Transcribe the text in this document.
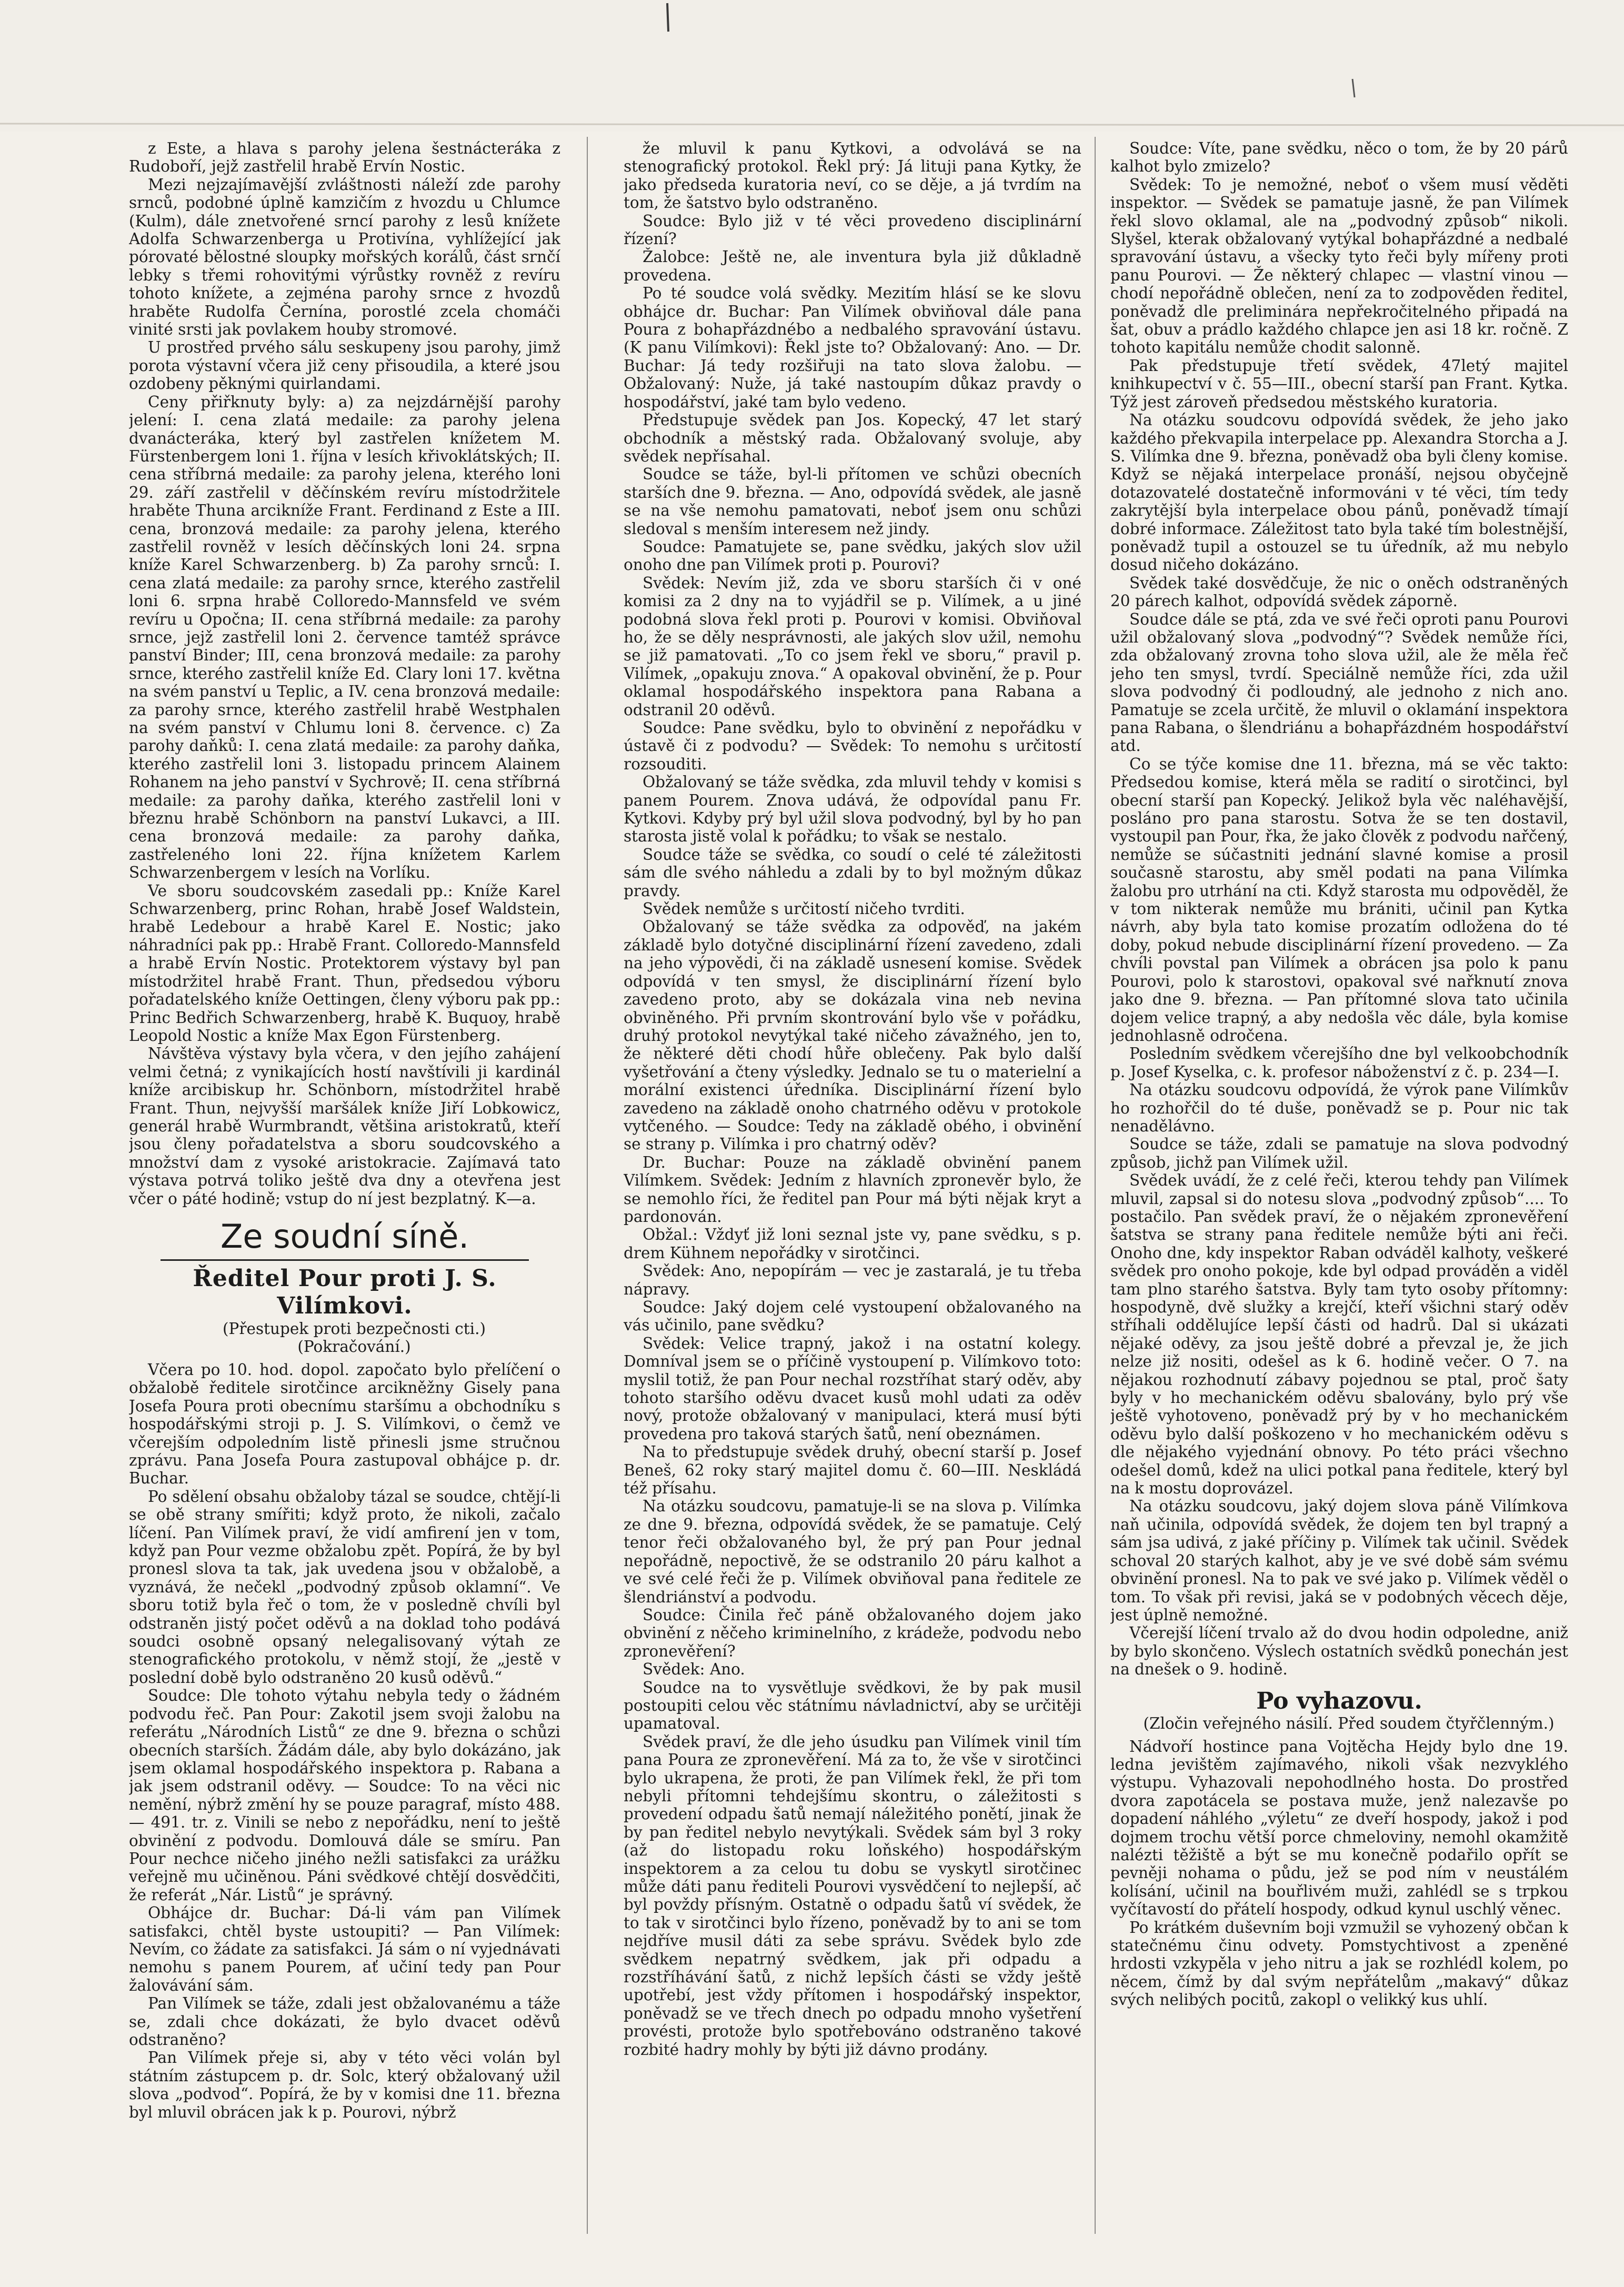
z Este, a hlava s parohy jelena šestnácteráka z Rudoboří, jejž zastřelil hrabě Ervín Nostic.

Mezi nejzajímavější zvláštnosti náleží zde parohy srnců, podobné úplně kamzičím z hvozdu u Chlumce (Kulm), dále znetvořené srncí parohy z lesů knížete Adolfa Schwarzenberga u Protivína, vyhlížející jak pórovaté bělostné sloupky mořských korálů, část srnčí lebky s třemi rohovitými výrůstky rovněž z revíru tohoto knížete, a zejména parohy srnce z hvozdů hraběte Rudolfa Černína, porostlé zcela chomáči vinité srsti jak povlakem houby stromové.

U prostřed prvého sálu seskupeny jsou parohy, jimž porota výstavní včera již ceny přisoudila, a které jsou ozdobeny pěknými quirlandami.

Ceny přiřknuty byly: a) za nejzdárnější parohy jelení: I. cena zlatá medaile: za parohy jelena dvanácteráka, který byl zastřelen knížetem M. Fürstenbergem loni 1. října v lesích křivoklátských; II. cena stříbrná medaile: za parohy jelena, kterého loni 29. září zastřelil v děčínském revíru místodržitele hraběte Thuna arcikníže Frant. Ferdinand z Este a III. cena, bronzová medaile: za parohy jelena, kterého zastřelil rovněž v lesích děčínských loni 24. srpna kníže Karel Schwarzenberg. b) Za parohy srnců: I. cena zlatá medaile: za parohy srnce, kterého zastřelil loni 6. srpna hrabě Colloredo-Mannsfeld ve svém revíru u Opočna; II. cena stříbrná medaile: za parohy srnce, jejž zastřelil loni 2. července tamtéž správce panství Binder; III, cena bronzová medaile: za parohy srnce, kterého zastřelil kníže Ed. Clary loni 17. května na svém panství u Teplic, a IV. cena bronzová medaile: za parohy srnce, kterého zastřelil hrabě Westphalen na svém panství v Chlumu loni 8. července. c) Za parohy daňků: I. cena zlatá medaile: za parohy daňka, kterého zastřelil loni 3. listopadu princem Alainem Rohanem na jeho panství v Sychrově; II. cena stříbrná medaile: za parohy daňka, kterého zastřelil loni v březnu hrabě Schönborn na panství Lukavci, a III. cena bronzová medaile: za parohy daňka, zastřeleného loni 22. října knížetem Karlem Schwarzenbergem v lesích na Vorlíku.

Ve sboru soudcovském zasedali pp.: Kníže Karel Schwarzenberg, princ Rohan, hrabě Josef Waldstein, hrabě Ledebour a hrabě Karel E. Nostic; jako náhradníci pak pp.: Hrabě Frant. Colloredo-Mannsfeld a hrabě Ervín Nostic. Protektorem výstavy byl pan místodržitel hrabě Frant. Thun, předsedou výboru pořadatelského kníže Oettingen, členy výboru pak pp.: Princ Bedřich Schwarzenberg, hrabě K. Buquoy, hrabě Leopold Nostic a kníže Max Egon Fürstenberg.

Návštěva výstavy byla včera, v den jejího zahájení velmi četná; z vynikajících hostí navštívili ji kardinál kníže arcibiskup hr. Schönborn, místodržitel hrabě Frant. Thun, nejvyšší maršálek kníže Jiří Lobkowicz, generál hrabě Wurmbrandt, většina aristokratů, kteří jsou členy pořadatelstva a sboru soudcovského a množství dam z vysoké aristokracie. Zajímavá tato výstava potrvá toliko ještě dva dny a otevřena jest včer o páté hodině; vstup do ní jest bezplatný. K—a.

Ze soudní síně.
Ředitel Pour proti J. S. Vilímkovi.

(Přestupek proti bezpečnosti cti.)

(Pokračování.)

Včera po 10. hod. dopol. započato bylo přelíčení o obžalobě ředitele sirotčince arcikněžny Gisely pana Josefa Poura proti obecnímu staršímu a obchodníku s hospodářskými stroji p. J. S. Vilímkovi, o čemž ve včerejším odpoledním listě přinesli jsme stručnou zprávu. Pana Josefa Poura zastupoval obhájce p. dr. Buchar.

Po sdělení obsahu obžaloby tázal se soudce, chtějí-li se obě strany smířiti; když proto, že nikoli, začalo líčení. Pan Vilímek praví, že vidí amfirení jen v tom, když pan Pour vezme obžalobu zpět. Popírá, že by byl pronesl slova ta tak, jak uvedena jsou v obžalobě, a vyznává, že nečekl „podvodný způsob oklamní“. Ve sboru totiž byla řeč o tom, že v posledně chvíli byl odstraněn jistý počet oděvů a na doklad toho podává soudci osobně opsaný nelegalisovaný výtah ze stenografického protokolu, v němž stojí, že „jestě v poslední době bylo odstraněno 20 kusů oděvů.“

Soudce: Dle tohoto výtahu nebyla tedy o žádném podvodu řeč. Pan Pour: Zakotil jsem svoji žalobu na referátu „Národních Listů“ ze dne 9. března o schůzi obecních starších. Žádám dále, aby bylo dokázáno, jak jsem oklamal hospodářského inspektora p. Rabana a jak jsem odstranil oděvy. — Soudce: To na věci nic nemění, nýbrž změní hy se pouze paragraf, místo 488. — 491. tr. z. Vinili se nebo z nepořádku, není to ještě obvinění z podvodu. Domlouvá dále se smíru. Pan Pour nechce ničeho jiného nežli satisfakci za urážku veřejně mu učiněnou. Páni svědkové chtějí dosvědčiti, že referát „Nár. Listů“ je správný.

Obhájce dr. Buchar: Dá-li vám pan Vilímek satisfakci, chtěl byste ustoupiti? — Pan Vilímek: Nevím, co žádate za satisfakci. Já sám o ní vyjednávati nemohu s panem Pourem, ať učiní tedy pan Pour žalovávání sám.

Pan Vilímek se táže, zdali jest obžalovanému a táže se, zdali chce dokázati, že bylo dvacet oděvů odstraněno?

Pan Vilímek přeje si, aby v této věci volán byl státním zástupcem p. dr. Solc, který obžalovaný užil slova „podvod“. Popírá, že by v komisi dne 11. března byl mluvil obrácen jak k p. Pourovi, nýbrž

že mluvil k panu Kytkovi, a odvolává se na stenografický protokol. Řekl prý: Já lituji pana Kytky, že jako předseda kuratoria neví, co se děje, a já tvrdím na tom, že šatstvo bylo odstraněno.

Soudce: Bylo již v té věci provedeno disciplinární řízení?

Žalobce: Ještě ne, ale inventura byla již důkladně provedena.

Po té soudce volá svědky. Mezitím hlásí se ke slovu obhájce dr. Buchar: Pan Vilímek obviňoval dále pana Poura z bohapřázdnébo a nedbalého spravování ústavu. (K panu Vilímkovi): Řekl jste to? Obžalovaný: Ano. — Dr. Buchar: Já tedy rozšiřuji na tato slova žalobu. — Obžalovaný: Nuže, já také nastoupím důkaz pravdy o hospodářství, jaké tam bylo vedeno.

Předstupuje svědek pan Jos. Kopecký, 47 let starý obchodník a městský rada. Obžalovaný svoluje, aby svědek nepřísahal.

Soudce se táže, byl-li přítomen ve schůzi obecních starších dne 9. března. — Ano, odpovídá svědek, ale jasně se na vše nemohu pamatovati, neboť jsem onu schůzi sledoval s menším interesem než jindy.

Soudce: Pamatujete se, pane svědku, jakých slov užil onoho dne pan Vilímek proti p. Pourovi?

Svědek: Nevím již, zda ve sboru starších či v oné komisi za 2 dny na to vyjádřil se p. Vilímek, a u jiné podobná slova řekl proti p. Pourovi v komisi. Obviňoval ho, že se děly nesprávnosti, ale jakých slov užil, nemohu se již pamatovati. „To co jsem řekl ve sboru,“ pravil p. Vilímek, „opakuju znova.“ A opakoval obvinění, že p. Pour oklamal hospodářského inspektora pana Rabana a odstranil 20 oděvů.

Soudce: Pane svědku, bylo to obvinění z nepořádku v ústavě či z podvodu? — Svědek: To nemohu s určitostí rozsouditi.

Obžalovaný se táže svědka, zda mluvil tehdy v komisi s panem Pourem. Znova udává, že odpovídal panu Fr. Kytkovi. Kdyby prý byl užil slova podvodný, byl by ho pan starosta jistě volal k pořádku; to však se nestalo.

Soudce táže se svědka, co soudí o celé té záležitosti sám dle svého náhledu a zdali by to byl možným důkaz pravdy.

Svědek nemůže s určitostí ničeho tvrditi.

Obžalovaný se táže svědka za odpověď, na jakém základě bylo dotyčné disciplinární řízení zavedeno, zdali na jeho výpovědi, či na základě usnesení komise. Svědek odpovídá v ten smysl, že disciplinární řízení bylo zavedeno proto, aby se dokázala vina neb nevina obviněného. Při prvním skontrování bylo vše v pořádku, druhý protokol nevytýkal také ničeho závažného, jen to, že některé děti chodí hůře oblečeny. Pak bylo další vyšetřování a čteny výsledky. Jednalo se tu o materielní a morální existenci úředníka. Disciplinární řízení bylo zavedeno na základě onoho chatrného oděvu v protokole vytčeného. — Soudce: Tedy na základě obého, i obvinění se strany p. Vilímka i pro chatrný oděv?

Dr. Buchar: Pouze na základě obvinění panem Vilímkem. Svědek: Jedním z hlavních zpronevěr bylo, že se nemohlo říci, že ředitel pan Pour má býti nějak kryt a pardonován.

Obžal.: Vždyť již loni seznal jste vy, pane svědku, s p. drem Kühnem nepořádky v sirotčinci.

Svědek: Ano, nepopírám — vec je zastaralá, je tu třeba nápravy.

Soudce: Jaký dojem celé vystoupení obžalovaného na vás učinilo, pane svědku?

Svědek: Velice trapný, jakož i na ostatní kolegy. Domníval jsem se o příčině vystoupení p. Vilímkovo toto: myslil totiž, že pan Pour nechal rozstříhat starý oděv, aby tohoto staršího oděvu dvacet kusů mohl udati za oděv nový, protože obžalovaný v manipulaci, která musí býti provedena pro taková starých šatů, není obeznámen.

Na to předstupuje svědek druhý, obecní starší p. Josef Beneš, 62 roky starý majitel domu č. 60—III. Neskládá též přísahu.

Na otázku soudcovu, pamatuje-li se na slova p. Vilímka ze dne 9. března, odpovídá svědek, že se pamatuje. Celý tenor řeči obžalovaného byl, že prý pan Pour jednal nepořádně, nepoctivě, že se odstranilo 20 páru kalhot a ve své celé řeči že p. Vilímek obviňoval pana ředitele ze šlendriánství a podvodu.

Soudce: Činila řeč páně obžalovaného dojem jako obvinění z něčeho kriminelního, z krádeže, podvodu nebo zpronevěření?

Svědek: Ano.

Soudce na to vysvětluje svědkovi, že by pak musil postoupiti celou věc státnímu návladnictví, aby se určitěji upamatoval.

Svědek praví, že dle jeho úsudku pan Vilímek vinil tím pana Poura ze zpronevěření. Má za to, že vše v sirotčinci bylo ukrapena, že proti, že pan Vilímek řekl, že při tom nebyli přítomni tehdejšímu skontru, o záležitosti s provedení odpadu šatů nemají náležitého ponětí, jinak že by pan ředitel nebylo nevytýkali. Svědek sám byl 3 roky (až do listopadu roku loňského) hospodářským inspektorem a za celou tu dobu se vyskytl sirotčinec může dáti panu řediteli Pourovi vysvědčení to nejlepší, ač byl povždy přísným. Ostatně o odpadu šatů ví svědek, že to tak v sirotčinci bylo řízeno, poněvadž by to ani se tom nejdříve musil dáti za sebe správu. Svědek bylo zde svědkem nepatrný svědkem, jak při odpadu a rozstříhávání šatů, z nichž lepších části se vždy ještě upotřebí, jest vždy přítomen i hospodářský inspektor, poněvadž se ve třech dnech po odpadu mnoho vyšetření provésti, protože bylo spotřebováno odstraněno takové rozbité hadry mohly by býti již dávno prodány.

Soudce: Víte, pane svědku, něco o tom, že by 20 párů kalhot bylo zmizelo?

Svědek: To je nemožné, neboť o všem musí věděti inspektor. — Svědek se pamatuje jasně, že pan Vilímek řekl slovo oklamal, ale na „podvodný způsob“ nikoli. Slyšel, kterak obžalovaný vytýkal bohapřázdné a nedbalé spravování ústavu, a všecky tyto řeči byly mířeny proti panu Pourovi. — Že některý chlapec — vlastní vinou — chodí nepořádně oblečen, není za to zodpověden ředitel, poněvadž dle preliminára nepřekročitelného připadá na šat, obuv a prádlo každého chlapce jen asi 18 kr. ročně. Z tohoto kapitálu nemůže chodit salonně.

Pak předstupuje třetí svědek, 47letý majitel knihkupectví v č. 55—III., obecní starší pan Frant. Kytka. Týž jest zároveň předsedou městského kuratoria.

Na otázku soudcovu odpovídá svědek, že jeho jako každého překvapila interpelace pp. Alexandra Storcha a J. S. Vilímka dne 9. března, poněvadž oba byli členy komise. Když se nějaká interpelace pronáší, nejsou obyčejně dotazovatelé dostatečně informováni v té věci, tím tedy zakrytější byla interpelace obou pánů, poněvadž tímají dobré informace. Záležitost tato byla také tím bolestnější, poněvadž tupil a ostouzel se tu úředník, až mu nebylo dosud ničeho dokázáno.

Svědek také dosvědčuje, že nic o oněch odstraněných 20 párech kalhot, odpovídá svědek záporně.

Soudce dále se ptá, zda ve své řeči oproti panu Pourovi užil obžalovaný slova „podvodný“? Svědek nemůže říci, zda obžalovaný zrovna toho slova užil, ale že měla řeč jeho ten smysl, tvrdí. Speciálně nemůže říci, zda užil slova podvodný či podloudný, ale jednoho z nich ano. Pamatuje se zcela určitě, že mluvil o oklamání inspektora pana Rabana, o šlendriánu a bohapřázdném hospodářství atd.

Co se týče komise dne 11. března, má se věc takto: Předsedou komise, která měla se radití o sirotčinci, byl obecní starší pan Kopecký. Jelikož byla věc naléhavější, posláno pro pana starostu. Sotva že se ten dostavil, vystoupil pan Pour, řka, že jako člověk z podvodu nařčený, nemůže se súčastniti jednání slavné komise a prosil současně starostu, aby směl podati na pana Vilímka žalobu pro utrhání na cti. Když starosta mu odpověděl, že v tom nikterak nemůže mu brániti, učinil pan Kytka návrh, aby byla tato komise prozatím odložena do té doby, pokud nebude disciplinární řízení provedeno. — Za chvíli povstal pan Vilímek a obrácen jsa polo k panu Pourovi, polo k starostovi, opakoval své nařknutí znova jako dne 9. března. — Pan přítomné slova tato učinila dojem velice trapný, a aby nedošla věc dále, byla komise jednohlasně odročena.

Posledním svědkem včerejšího dne byl velkoobchodník p. Josef Kyselka, c. k. profesor náboženství z č. p. 234—I.

Na otázku soudcovu odpovídá, že výrok pane Vilímkův ho rozhořčil do té duše, poněvadž se p. Pour nic tak nenadělávno.

Soudce se táže, zdali se pamatuje na slova podvodný způsob, jichž pan Vilímek užil.

Svědek uvádí, že z celé řeči, kterou tehdy pan Vilímek mluvil, zapsal si do notesu slova „podvodný způsob“.... To postačilo. Pan svědek praví, že o nějakém zpronevěření šatstva se strany pana ředitele nemůže býti ani řeči. Onoho dne, kdy inspektor Raban odváděl kalhoty, veškeré svědek pro onoho pokoje, kde byl odpad prováděn a viděl tam plno starého šatstva. Byly tam tyto osoby přítomny: hospodyně, dvě služky a krejčí, kteří všichni starý oděv stříhali oddělujíce lepší části od hadrů. Dal si ukázati nějaké oděvy, za jsou ještě dobré a převzal je, že jich nelze již nositi, odešel as k 6. hodině večer. O 7. na nějakou rozhodnutí zábavy pojednou se ptal, proč šaty byly v ho mechanickém oděvu sbalovány, bylo prý vše ještě vyhotoveno, poněvadž prý by v ho mechanickém oděvu bylo další poškozeno v ho mechanickém oděvu s dle nějakého vyjednání obnovy. Po této práci všechno odešel domů, kdež na ulici potkal pana ředitele, který byl na k mostu doprovázel.

Na otázku soudcovu, jaký dojem slova páně Vilímkova naň učinila, odpovídá svědek, že dojem ten byl trapný a sám jsa udivá, z jaké příčiny p. Vilímek tak učinil. Svědek schoval 20 starých kalhot, aby je ve své době sám svému obvinění pronesl. Na to pak ve své jako p. Vilímek věděl o tom. To však při revisi, jaká se v podobných věcech děje, jest úplně nemožné.

Včerejší líčení trvalo až do dvou hodin odpoledne, aniž by bylo skončeno. Výslech ostatních svědků ponechán jest na dnešek o 9. hodině.

Po vyhazovu.

(Zločin veřejného násilí. Před soudem čtyřčlenným.)

Nádvoří hostince pana Vojtěcha Hejdy bylo dne 19. ledna jevištěm zajímavého, nikoli však nezvyklého výstupu. Vyhazovali nepohodlného hosta. Do prostřed dvora zapotácela se postava muže, jenž nalezavše po dopadení náhlého „výletu“ ze dveří hospody, jakož i pod dojmem trochu větší porce chmeloviny, nemohl okamžitě nalézti těžiště a být se mu konečně podařilo opřít se pevněji nohama o půdu, jež se pod ním v neustálém kolísání, učinil na bouřlivém muži, zahlédl se s trpkou vyčítavostí do přátelí hospody, odkud kynul uschlý věnec.

Po krátkém duševním boji vzmužil se vyhozený občan k statečnému činu odvety. Pomstychtivost a zpeněné hrdosti vzkypěla v jeho nitru a jak se rozhlédl kolem, po něcem, čímž by dal svým nepřátelům „makavý“ důkaz svých nelibých pocitů, zakopl o velikký kus uhlí.
